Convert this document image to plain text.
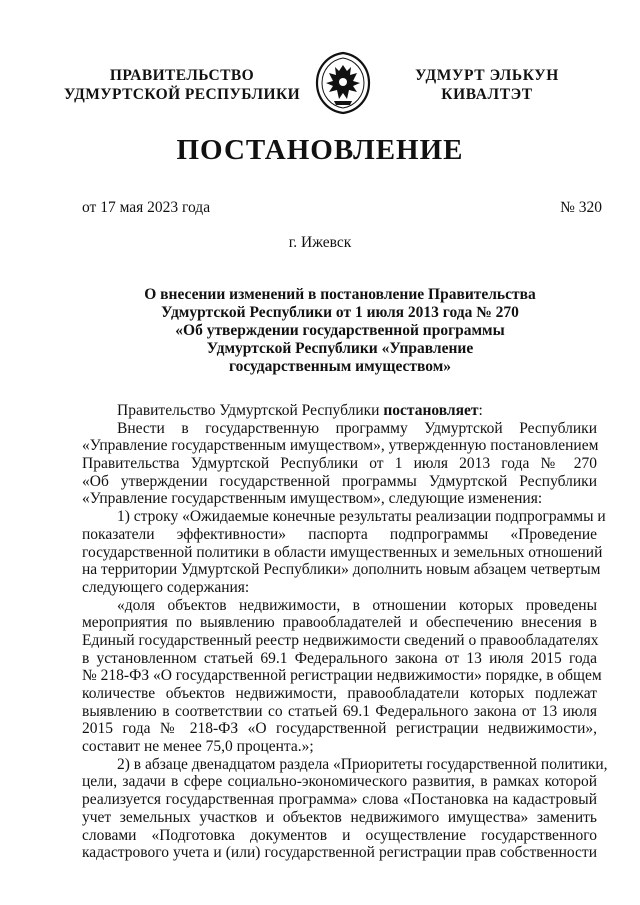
ПРАВИТЕЛЬСТВО
УДМУРТСКОЙ РЕСПУБЛИКИ
УДМУРТ ЭЛЬКУН
КИВАЛТЭТ
ПОСТАНОВЛЕНИЕ
от 17 мая 2023 года	№ 320
г. Ижевск
О внесении изменений в постановление Правительства
Удмуртской Республики от 1 июля 2013 года № 270
«Об утверждении государственной программы
Удмуртской Республики «Управление
государственным имуществом»
Правительство Удмуртской Республики постановляет:
Внести в государственную программу Удмуртской Республики
«Управление государственным имуществом», утвержденную постановлением
Правительства Удмуртской Республики от 1 июля 2013 года № 270
«Об утверждении государственной программы Удмуртской Республики
«Управление государственным имуществом», следующие изменения:
1) строку «Ожидаемые конечные результаты реализации подпрограммы и
показатели эффективности» паспорта подпрограммы «Проведение
государственной политики в области имущественных и земельных отношений
на территории Удмуртской Республики» дополнить новым абзацем четвертым
следующего содержания:
«доля объектов недвижимости, в отношении которых проведены
мероприятия по выявлению правообладателей и обеспечению внесения в
Единый государственный реестр недвижимости сведений о правообладателях
в установленном статьей 69.1 Федерального закона от 13 июля 2015 года
№ 218-ФЗ «О государственной регистрации недвижимости» порядке, в общем
количестве объектов недвижимости, правообладатели которых подлежат
выявлению в соответствии со статьей 69.1 Федерального закона от 13 июля
2015 года № 218-ФЗ «О государственной регистрации недвижимости»,
составит не менее 75,0 процента.»;
2) в абзаце двенадцатом раздела «Приоритеты государственной политики,
цели, задачи в сфере социально-экономического развития, в рамках которой
реализуется государственная программа» слова «Постановка на кадастровый
учет земельных участков и объектов недвижимого имущества» заменить
словами «Подготовка документов и осуществление государственного
кадастрового учета и (или) государственной регистрации прав собственности
